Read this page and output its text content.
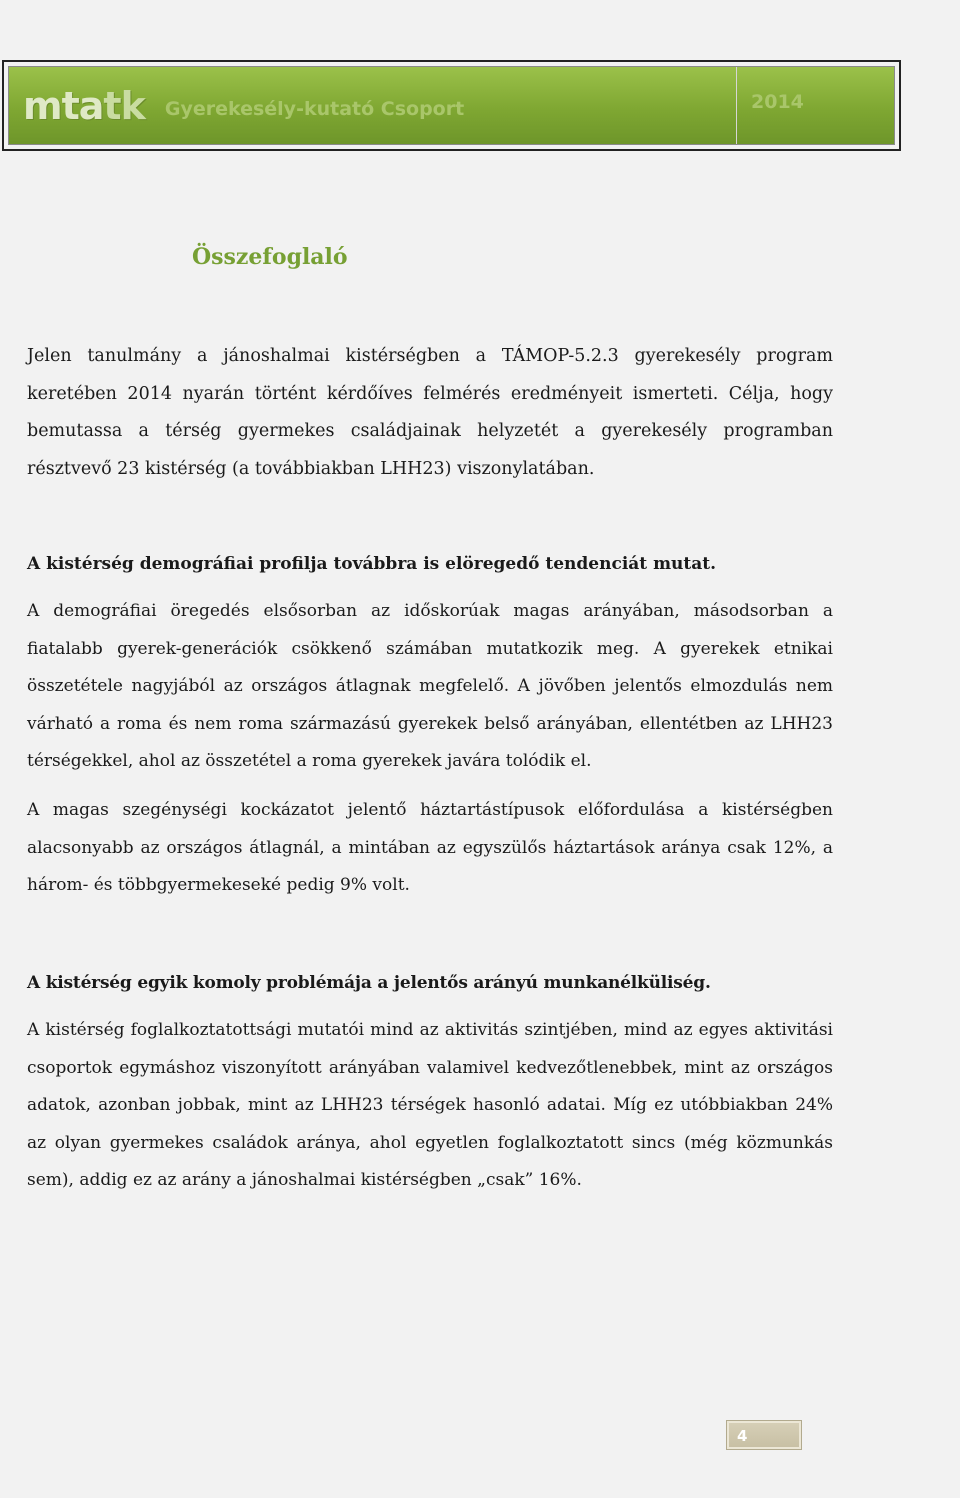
mtatk Gyerekesély-kutató Csoport	2014
Összefoglaló

Jelen tanulmány a jánoshalmai kistérségben a TÁMOP-5.2.3 gyerekesély program keretében 2014 nyarán történt kérdőíves felmérés eredményeit ismerteti. Célja, hogy bemutassa a térség gyermekes családjainak helyzetét a gyerekesély programban résztvevő 23 kistérség (a továbbiakban LHH23) viszonylatában.

A kistérség demográfiai profilja továbbra is elöregedő tendenciát mutat.

A demográfiai öregedés elsősorban az időskorúak magas arányában, másodsorban a fiatalabb gyerek-generációk csökkenő számában mutatkozik meg. A gyerekek etnikai összetétele nagyjából az országos átlagnak megfelelő. A jövőben jelentős elmozdulás nem várható a roma és nem roma származású gyerekek belső arányában, ellentétben az LHH23 térségekkel, ahol az összetétel a roma gyerekek javára tolódik el.

A magas szegénységi kockázatot jelentő háztartástípusok előfordulása a kistérségben alacsonyabb az országos átlagnál, a mintában az egyszülős háztartások aránya csak 12%, a három- és többgyermekeseké pedig 9% volt.

A kistérség egyik komoly problémája a jelentős arányú munkanélküliség.

A kistérség foglalkoztatottsági mutatói mind az aktivitás szintjében, mind az egyes aktivitási csoportok egymáshoz viszonyított arányában valamivel kedvezőtlenebbek, mint az országos adatok, azonban jobbak, mint az LHH23 térségek hasonló adatai. Míg ez utóbbiakban 24% az olyan gyermekes családok aránya, ahol egyetlen foglalkoztatott sincs (még közmunkás sem), addig ez az arány a jánoshalmai kistérségben „csak” 16%.

4
